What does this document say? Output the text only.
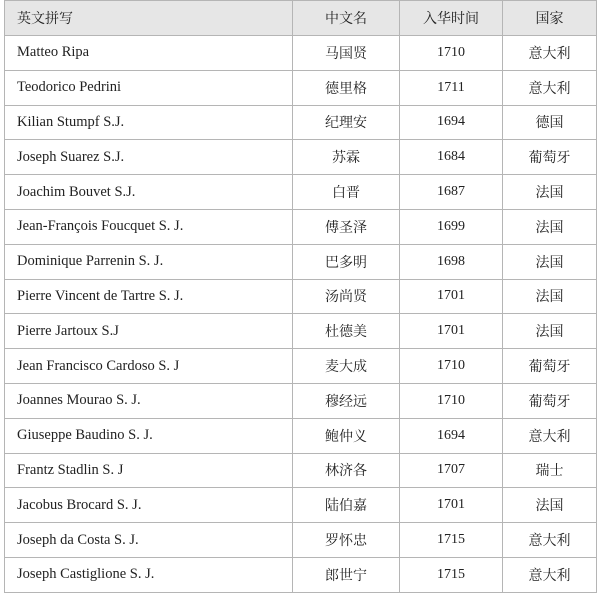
英文拼写	中文名	入华时间	国家
Matteo Ripa	马国贤	1710	意大利
Teodorico Pedrini	德里格	1711	意大利
Kilian Stumpf S.J.	纪理安	1694	德国
Joseph Suarez S.J.	苏霖	1684	葡萄牙
Joachim Bouvet S.J.	白晋	1687	法国
Jean-François Foucquet S. J.	傅圣泽	1699	法国
Dominique Parrenin S. J.	巴多明	1698	法国
Pierre Vincent de Tartre S. J.	汤尚贤	1701	法国
Pierre Jartoux S.J	杜德美	1701	法国
Jean Francisco Cardoso S. J	麦大成	1710	葡萄牙
Joannes Mourao S. J.	穆经远	1710	葡萄牙
Giuseppe Baudino S. J.	鲍仲义	1694	意大利
Frantz Stadlin S. J	林济各	1707	瑞士
Jacobus Brocard S. J.	陆伯嘉	1701	法国
Joseph da Costa S. J.	罗怀忠	1715	意大利
Joseph Castiglione S. J.	郎世宁	1715	意大利
